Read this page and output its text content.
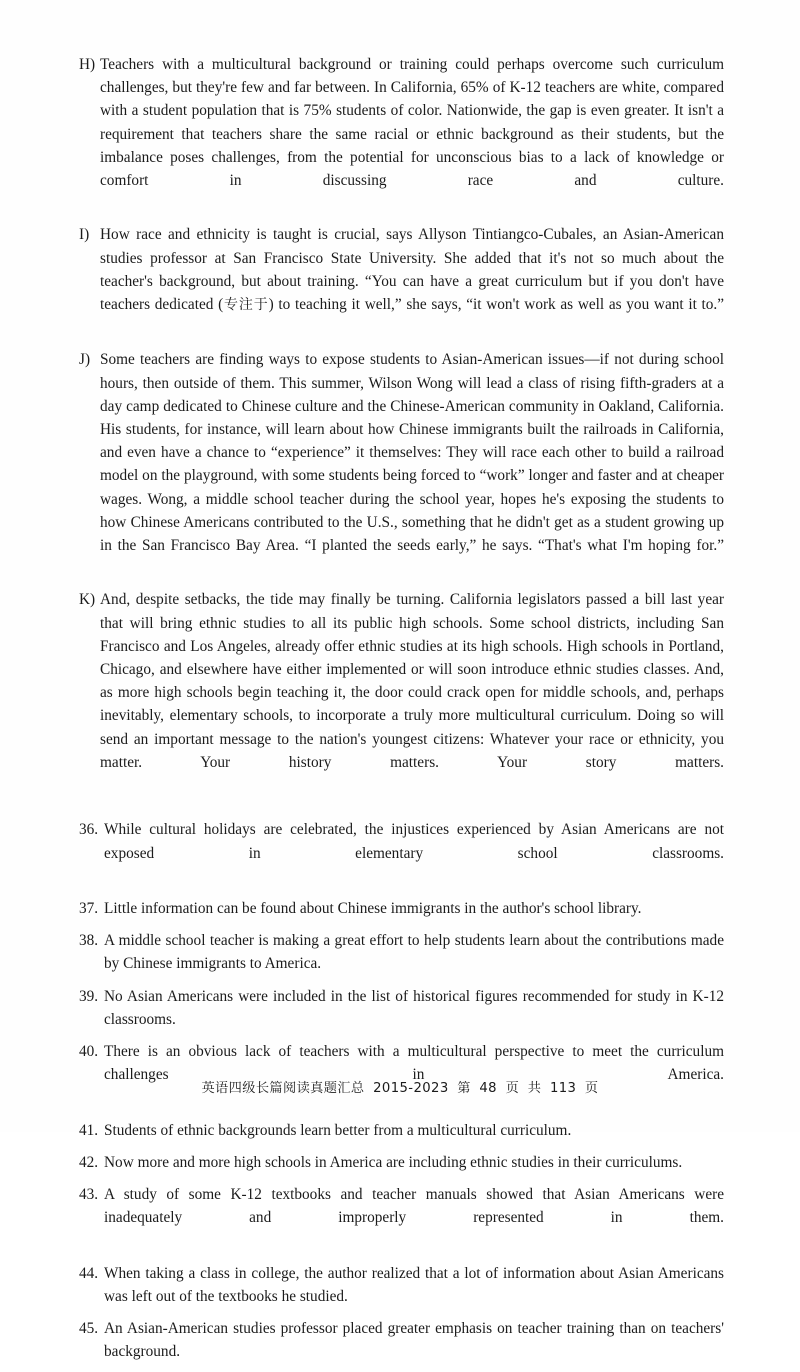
H) Teachers with a multicultural background or training could perhaps overcome such curriculum challenges, but they're few and far between. In California, 65% of K-12 teachers are white, compared with a student population that is 75% students of color. Nationwide, the gap is even greater. It isn't a requirement that teachers share the same racial or ethnic background as their students, but the imbalance poses challenges, from the potential for unconscious bias to a lack of knowledge or comfort in discussing race and culture.
I) How race and ethnicity is taught is crucial, says Allyson Tintiangco-Cubales, an Asian-American studies professor at San Francisco State University. She added that it's not so much about the teacher's background, but about training. “You can have a great curriculum but if you don't have teachers dedicated (专注于) to teaching it well,” she says, “it won't work as well as you want it to.”
J) Some teachers are finding ways to expose students to Asian-American issues—if not during school hours, then outside of them. This summer, Wilson Wong will lead a class of rising fifth-graders at a day camp dedicated to Chinese culture and the Chinese-American community in Oakland, California. His students, for instance, will learn about how Chinese immigrants built the railroads in California, and even have a chance to “experience” it themselves: They will race each other to build a railroad model on the playground, with some students being forced to “work” longer and faster and at cheaper wages. Wong, a middle school teacher during the school year, hopes he's exposing the students to how Chinese Americans contributed to the U.S., something that he didn't get as a student growing up in the San Francisco Bay Area. “I planted the seeds early,” he says. “That's what I'm hoping for.”
K) And, despite setbacks, the tide may finally be turning. California legislators passed a bill last year that will bring ethnic studies to all its public high schools. Some school districts, including San Francisco and Los Angeles, already offer ethnic studies at its high schools. High schools in Portland, Chicago, and elsewhere have either implemented or will soon introduce ethnic studies classes. And, as more high schools begin teaching it, the door could crack open for middle schools, and, perhaps inevitably, elementary schools, to incorporate a truly more multicultural curriculum. Doing so will send an important message to the nation's youngest citizens: Whatever your race or ethnicity, you matter. Your history matters. Your story matters.
36. While cultural holidays are celebrated, the injustices experienced by Asian Americans are not exposed in elementary school classrooms.
37. Little information can be found about Chinese immigrants in the author's school library.
38. A middle school teacher is making a great effort to help students learn about the contributions made by Chinese immigrants to America.
39. No Asian Americans were included in the list of historical figures recommended for study in K-12 classrooms.
40. There is an obvious lack of teachers with a multicultural perspective to meet the curriculum challenges in America.
41. Students of ethnic backgrounds learn better from a multicultural curriculum.
42. Now more and more high schools in America are including ethnic studies in their curriculums.
43. A study of some K-12 textbooks and teacher manuals showed that Asian Americans were inadequately and improperly represented in them.
44. When taking a class in college, the author realized that a lot of information about Asian Americans was left out of the textbooks he studied.
45. An Asian-American studies professor placed greater emphasis on teacher training than on teachers' background.
英语四级长篇阅读真题汇总 2015-2023 第 48 页 共 113 页
